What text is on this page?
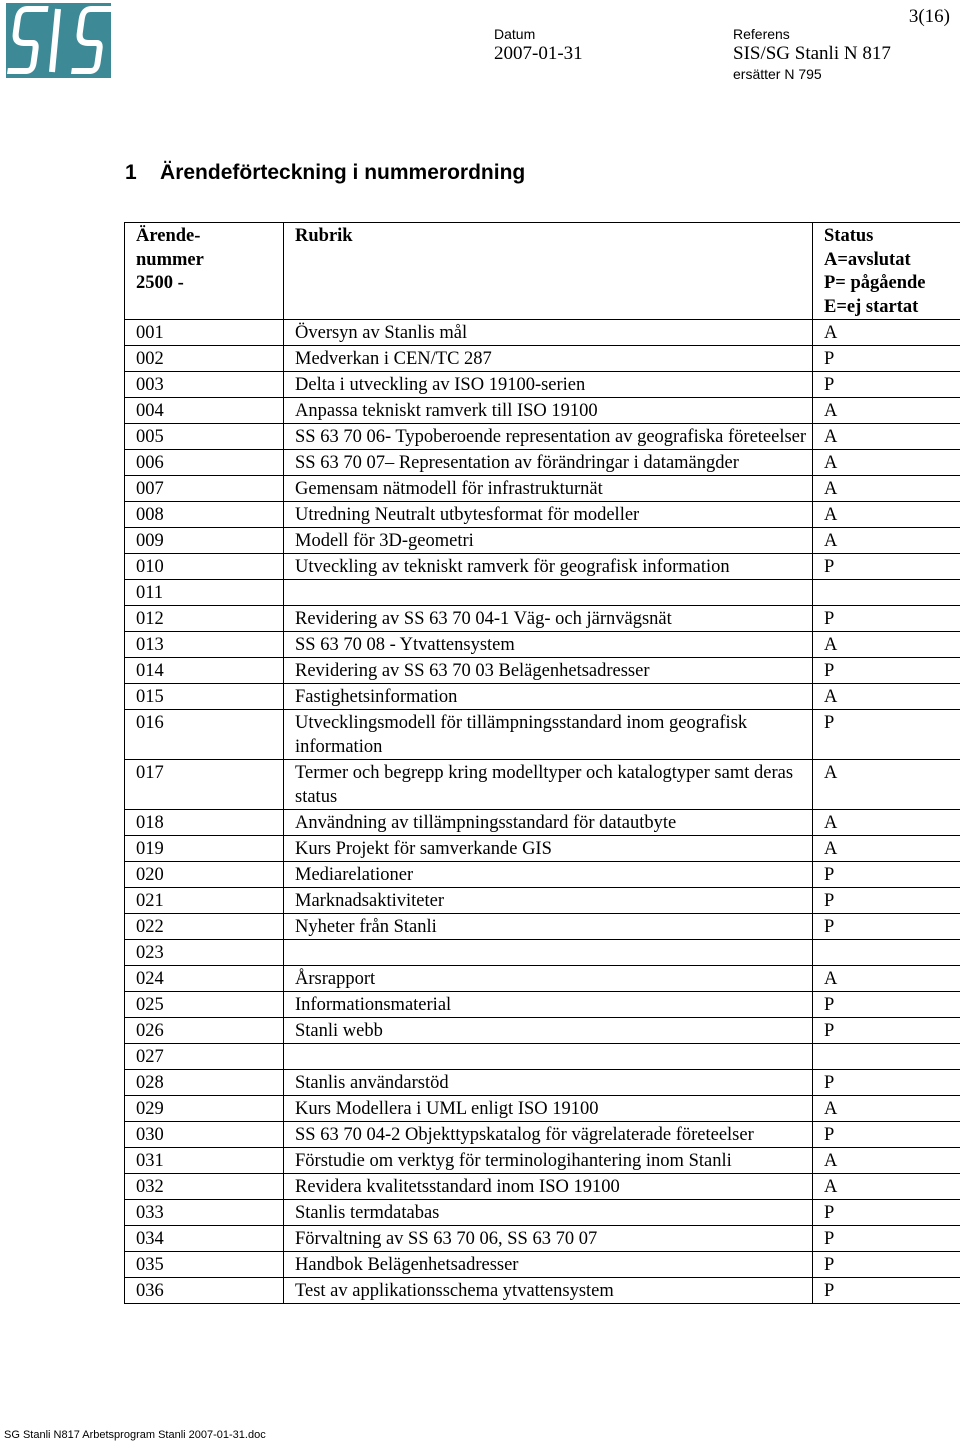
Datum
2007-01-31
Referens
SIS/SG Stanli N 817
ersätter N 795
3(16)
1 Ärendeförteckning i nummerordning
Ärende-
nummer
2500 -	Rubrik	Status
A=avslutat
P= pågående
E=ej startat

001	Översyn av Stanlis mål	A
002	Medverkan i CEN/TC 287	P
003	Delta i utveckling av ISO 19100-serien	P
004	Anpassa tekniskt ramverk till ISO 19100	A
005	SS 63 70 06- Typoberoende representation av geografiska företeelser	A
006	SS 63 70 07– Representation av förändringar i datamängder	A
007	Gemensam nätmodell för infrastrukturnät	A
008	Utredning Neutralt utbytesformat för modeller	A
009	Modell för 3D-geometri	A
010	Utveckling av tekniskt ramverk för geografisk information	P
011		
012	Revidering av SS 63 70 04-1 Väg- och järnvägsnät	P
013	SS 63 70 08 - Ytvattensystem	A
014	Revidering av SS 63 70 03 Belägenhetsadresser	P
015	Fastighetsinformation	A
016	Utvecklingsmodell för tillämpningsstandard inom geografisk information	P
017	Termer och begrepp kring modelltyper och katalogtyper samt deras status	A
018	Användning av tillämpningsstandard för datautbyte	A
019	Kurs Projekt för samverkande GIS	A
020	Mediarelationer	P
021	Marknadsaktiviteter	P
022	Nyheter från Stanli	P
023		
024	Årsrapport	A
025	Informationsmaterial	P
026	Stanli webb	P
027		
028	Stanlis användarstöd	P
029	Kurs Modellera i UML enligt ISO 19100	A
030	SS 63 70 04-2 Objekttypskatalog för vägrelaterade företeelser	P
031	Förstudie om verktyg för terminologihantering inom Stanli	A
032	Revidera kvalitetsstandard inom ISO 19100	A
033	Stanlis termdatabas	P
034	Förvaltning av SS 63 70 06, SS 63 70 07	P
035	Handbok Belägenhetsadresser	P
036	Test av applikationsschema ytvattensystem	P
SG Stanli N817 Arbetsprogram Stanli 2007-01-31.doc
